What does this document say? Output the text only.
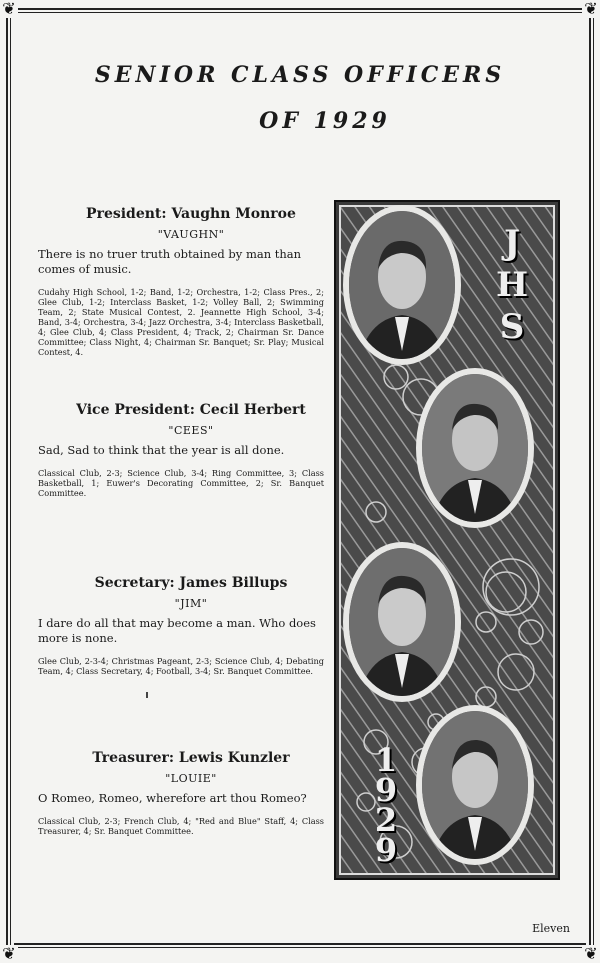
❦	❦
❦	❦
SENIOR CLASS OFFICERS
OF 1929
President: Vaughn Monroe
"VAUGHN"
There is no truer truth obtained by man than comes of music.
Cudahy High School, 1-2; Band, 1-2; Orchestra, 1-2; Class Pres., 2; Glee Club, 1-2; Interclass Basket, 1-2; Volley Ball, 2; Swimming Team, 2; State Musical Contest, 2. Jeannette High School, 3-4; Band, 3-4; Orchestra, 3-4; Jazz Orchestra, 3-4; Interclass Basketball, 4; Glee Club, 4; Class President, 4; Track, 2; Chairman Sr. Dance Committee; Class Night, 4; Chairman Sr. Banquet; Sr. Play; Musical Contest, 4.
Vice President: Cecil Herbert
"CEES"
Sad, Sad to think that the year is all done.
Classical Club, 2-3; Science Club, 3-4; Ring Committee, 3; Class Basketball, 1; Euwer's Decorating Committee, 2; Sr. Banquet Committee.
Secretary: James Billups
"JIM"
I dare do all that may become a man. Who does more is none.
Glee Club, 2-3-4; Christmas Pageant, 2-3; Science Club, 4; Debating Team, 4; Class Secretary, 4; Football, 3-4; Sr. Banquet Committee.
Treasurer: Lewis Kunzler
"LOUIE"
O Romeo, Romeo, wherefore art thou Romeo?
Classical Club, 2-3; French Club, 4; "Red and Blue" Staff, 4; Class Treasurer, 4; Sr. Banquet Committee.
J
H
S
1
9
2
9
Eleven
